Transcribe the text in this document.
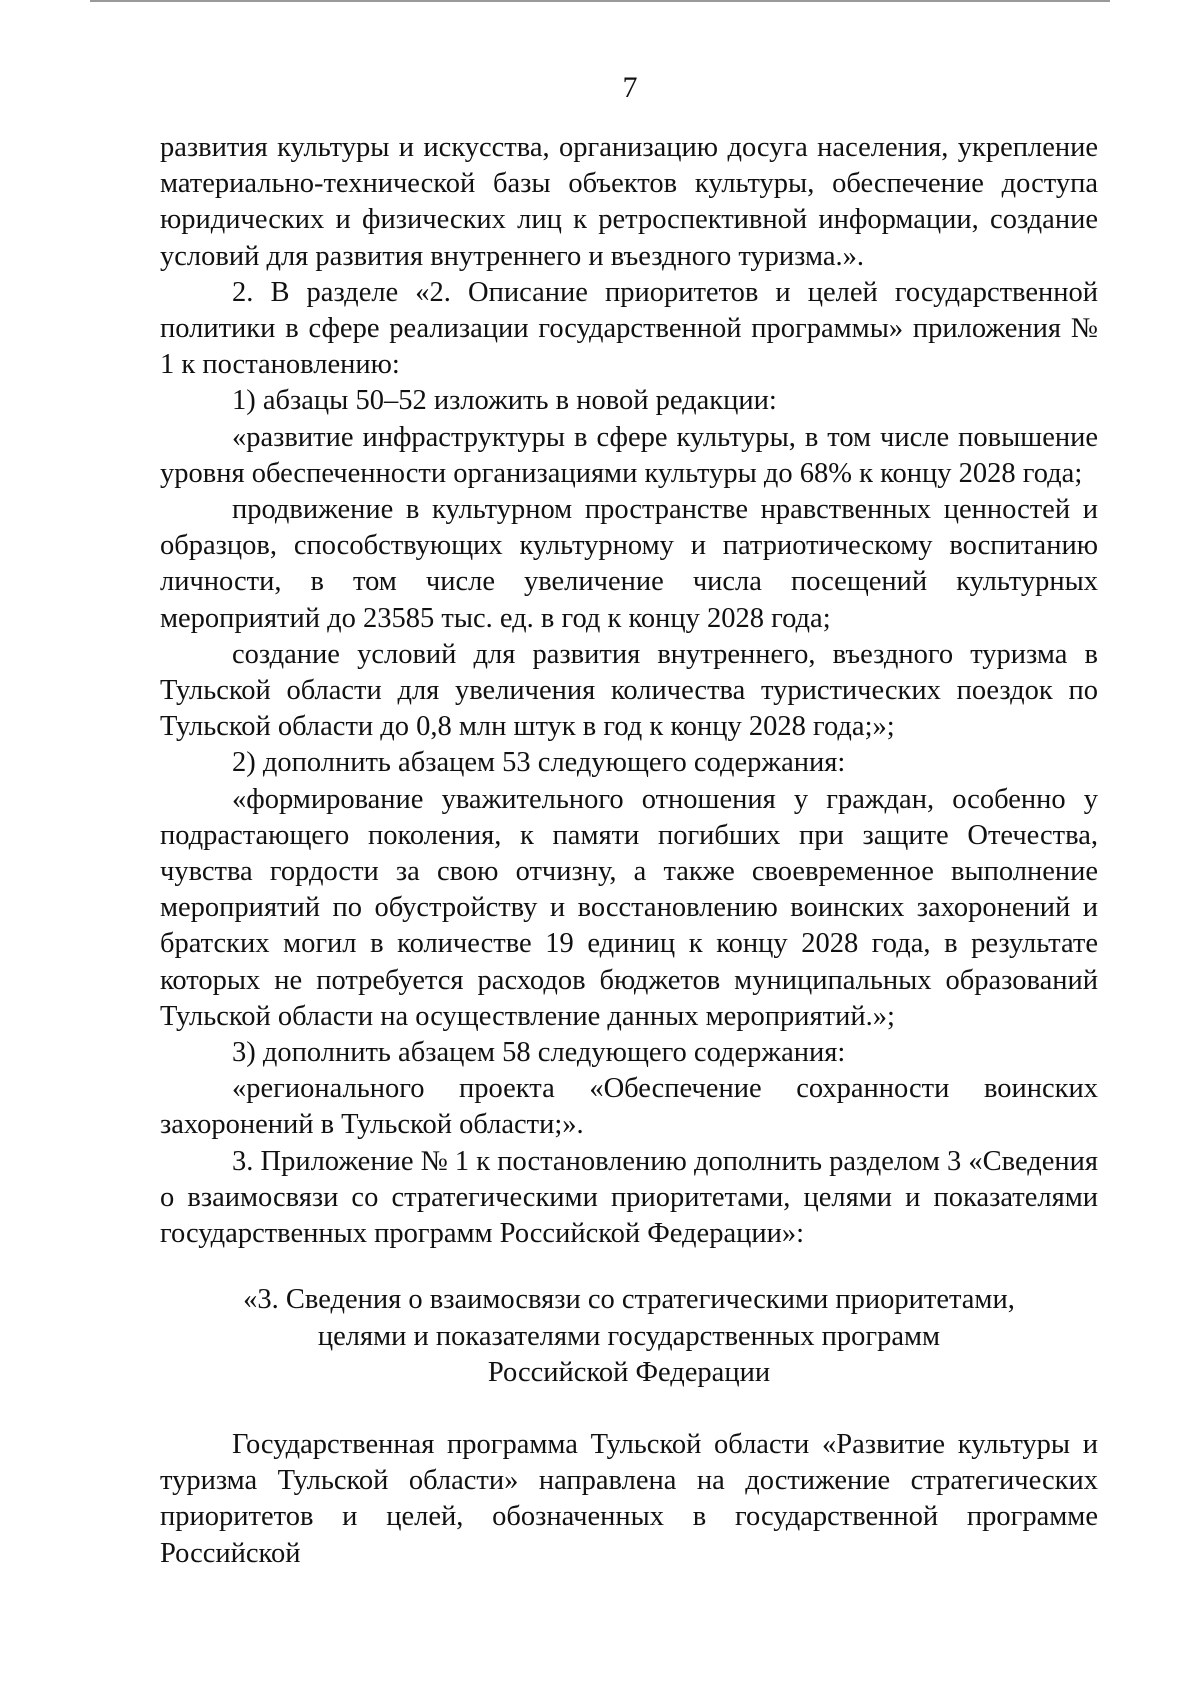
7

развития культуры и искусства, организацию досуга населения, укрепление материально-технической базы объектов культуры, обеспечение доступа юридических и физических лиц к ретроспективной информации, создание условий для развития внутреннего и въездного туризма.».

2. В разделе «2. Описание приоритетов и целей государственной политики в сфере реализации государственной программы» приложения № 1 к постановлению:

1) абзацы 50–52 изложить в новой редакции:

«развитие инфраструктуры в сфере культуры, в том числе повышение уровня обеспеченности организациями культуры до 68% к концу 2028 года;

продвижение в культурном пространстве нравственных ценностей и образцов, способствующих культурному и патриотическому воспитанию личности, в том числе увеличение числа посещений культурных мероприятий до 23585 тыс. ед. в год к концу 2028 года;

создание условий для развития внутреннего, въездного туризма в Тульской области для увеличения количества туристических поездок по Тульской области до 0,8 млн штук в год к концу 2028 года;»;

2) дополнить абзацем 53 следующего содержания:

«формирование уважительного отношения у граждан, особенно у подрастающего поколения, к памяти погибших при защите Отечества, чувства гордости за свою отчизну, а также своевременное выполнение мероприятий по обустройству и восстановлению воинских захоронений и братских могил в количестве 19 единиц к концу 2028 года, в результате которых не потребуется расходов бюджетов муниципальных образований Тульской области на осуществление данных мероприятий.»;

3) дополнить абзацем 58 следующего содержания:

«регионального проекта «Обеспечение сохранности воинских захоронений в Тульской области;».

3. Приложение № 1 к постановлению дополнить разделом 3 «Сведения о взаимосвязи со стратегическими приоритетами, целями и показателями государственных программ Российской Федерации»:

«3. Сведения о взаимосвязи со стратегическими приоритетами,
целями и показателями государственных программ
Российской Федерации

Государственная программа Тульской области «Развитие культуры и туризма Тульской области» направлена на достижение стратегических приоритетов и целей, обозначенных в государственной программе Российской
